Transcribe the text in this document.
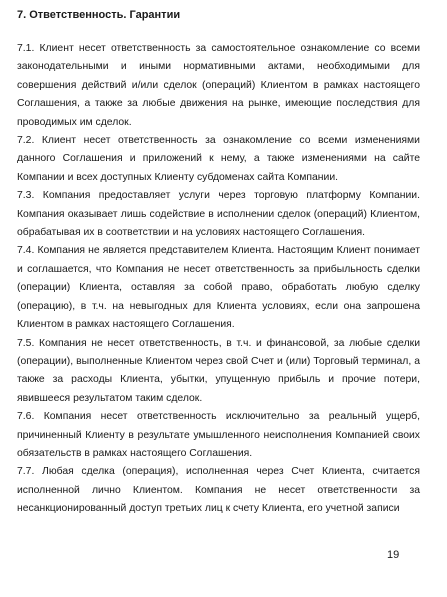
7. Ответственность. Гарантии

7.1. Клиент несет ответственность за самостоятельное ознакомление со всеми законодательными и иными нормативными актами, необходимыми для совершения действий и/или сделок (операций) Клиентом в рамках настоящего Соглашения, а также за любые движения на рынке, имеющие последствия для проводимых им сделок.

7.2. Клиент несет ответственность за ознакомление со всеми изменениями данного Соглашения и приложений к нему, а также изменениями на сайте Компании и всех доступных Клиенту субдоменах сайта Компании.

7.3. Компания предоставляет услуги через торговую платформу Компании. Компания оказывает лишь содействие в исполнении сделок (операций) Клиентом, обрабатывая их в соответствии и на условиях настоящего Соглашения.

7.4. Компания не является представителем Клиента. Настоящим Клиент понимает и соглашается, что Компания не несет ответственность за прибыльность сделки (операции) Клиента, оставляя за собой право, обработать любую сделку (операцию), в т.ч. на невыгодных для Клиента условиях, если она запрошена Клиентом в рамках настоящего Соглашения.

7.5. Компания не несет ответственность, в т.ч. и финансовой, за любые сделки (операции), выполненные Клиентом через свой Счет и (или) Торговый терминал, а также за расходы Клиента, убытки, упущенную прибыль и прочие потери, явившееся результатом таким сделок.

7.6. Компания несет ответственность исключительно за реальный ущерб, причиненный Клиенту в результате умышленного неисполнения Компанией своих обязательств в рамках настоящего Соглашения.

7.7. Любая сделка (операция), исполненная через Счет Клиента, считается исполненной лично Клиентом. Компания не несет ответственности за несанкционированный доступ третьих лиц к счету Клиента, его учетной записи

19
